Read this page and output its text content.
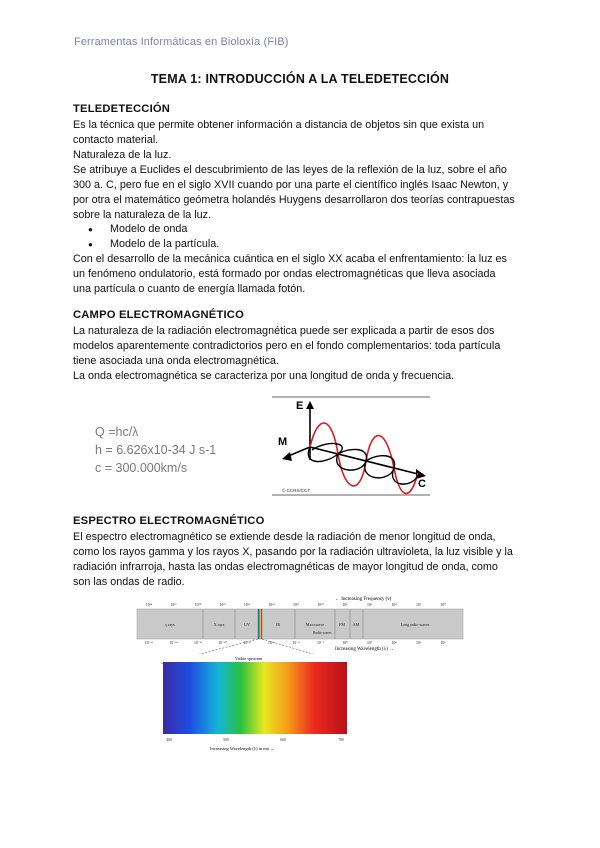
Ferramentas Informáticas en Bioloxía (FIB)
TEMA 1: INTRODUCCIÓN A LA TELEDETECCIÓN
TELEDETECCIÓN
Es la técnica que permite obtener información a distancia de objetos sin que exista un
contacto material.
Naturaleza de la luz.
Se atribuye a Euclides el descubrimiento de las leyes de la reflexión de la luz, sobre el año
300 a. C, pero fue en el siglo XVII cuando por una parte el científico inglés Isaac Newton, y
por otra el matemático geómetra holandés Huygens desarrollaron dos teorías contrapuestas
sobre la naturaleza de la luz.
● Modelo de onda
● Modelo de la partícula.
Con el desarrollo de la mecánica cuántica en el siglo XX acaba el enfrentamiento: la luz es
un fenómeno ondulatorio, está formado por ondas electromagnéticas que lleva asociada
una partícula o cuanto de energía llamada fotón.
CAMPO ELECTROMAGNÉTICO
La naturaleza de la radiación electromagnética puede ser explicada a partir de esos dos
modelos aparentemente contradictorios pero en el fondo complementarios: toda partícula
tiene asociada una onda electromagnética.
La onda electromagnética se caracteriza por una longitud de onda y frecuencia.
Q =hc/λ
h = 6.626x10-34 J s-1
c = 300.000km/s
E
M
C
© CCRS/CCT
ESPECTRO ELECTROMAGNÉTICO
El espectro electromagnético se extiende desde la radiación de menor longitud de onda,
como los rayos gamma y los rayos X, pasando por la radiación ultravioleta, la luz visible y la
radiación infrarroja, hasta las ondas electromagnéticas de mayor longitud de onda, como
son las ondas de radio.
← Increasing Frequency (ν)
10²⁴	10²²	10²⁰	10¹⁸	10¹⁶	10¹⁴	10¹²	10¹⁰	10⁸	10⁶	10⁴	10²	10⁰
γ rays	X rays	UV	IR	Microwave	FM AM	Long radio waves
Radio waves
10⁻¹⁶	10⁻¹⁴	10⁻¹²	10⁻¹⁰	10⁻⁸	10⁻⁶	10⁻⁴	10⁻²	10⁰	10²	10⁴	10⁶	10⁸
Increasing Wavelength (λ) →
Visible spectrum
400	500	600	700
Increasing Wavelength (λ) in nm →
